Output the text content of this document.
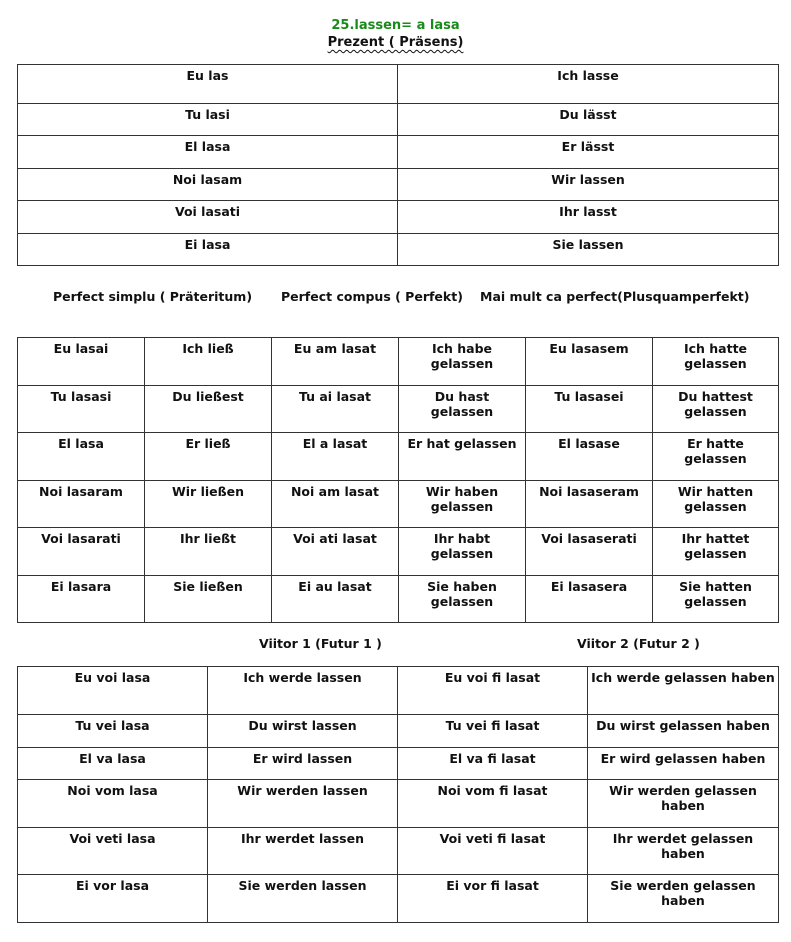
25.lassen= a lasa
Prezent ( Präsens)
Eu las	Ich lasse
Tu lasi	Du lässt
El lasa	Er lässt
Noi lasam	Wir lassen
Voi lasati	Ihr lasst
Ei lasa	Sie lassen
Perfect simplu ( Präteritum) Perfect compus ( Perfekt) Mai mult ca perfect(Plusquamperfekt)
Eu lasai	Ich ließ	Eu am lasat	Ich habe gelassen	Eu lasasem	Ich hatte gelassen
Tu lasasi	Du ließest	Tu ai lasat	Du hast gelassen	Tu lasasei	Du hattest gelassen
El lasa	Er ließ	El a lasat	Er hat gelassen	El lasase	Er hatte gelassen
Noi lasaram	Wir ließen	Noi am lasat	Wir haben gelassen	Noi lasaseram	Wir hatten gelassen
Voi lasarati	Ihr ließt	Voi ati lasat	Ihr habt gelassen	Voi lasaserati	Ihr hattet gelassen
Ei lasara	Sie ließen	Ei au lasat	Sie haben gelassen	Ei lasasera	Sie hatten gelassen
Viitor 1 (Futur 1 )	Viitor 2 (Futur 2 )
Eu voi lasa	Ich werde lassen	Eu voi fi lasat	Ich werde gelassen haben
Tu vei lasa	Du wirst lassen	Tu vei fi lasat	Du wirst gelassen haben
El va lasa	Er wird lassen	El va fi lasat	Er wird gelassen haben
Noi vom lasa	Wir werden lassen	Noi vom fi lasat	Wir werden gelassen haben
Voi veti lasa	Ihr werdet lassen	Voi veti fi lasat	Ihr werdet gelassen haben
Ei vor lasa	Sie werden lassen	Ei vor fi lasat	Sie werden gelassen haben
